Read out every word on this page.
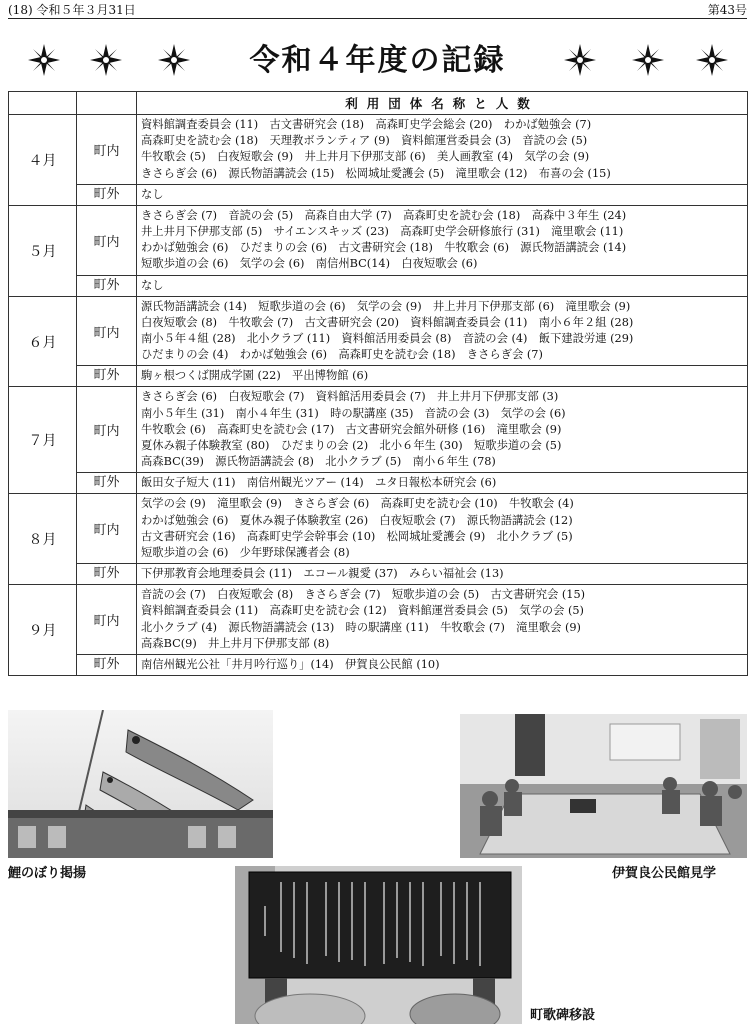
(18) 令和５年３月31日	第43号
令和４年度の記録
		利用団体名称と人数
４月	町内	資料館調査委員会 (11)　古文書研究会 (18)　高森町史学会総会 (20)　わかば勉強会 (7)
高森町史を読む会 (18)　天理教ボランティア (9)　資料館運営委員会 (3)　音読の会 (5)
牛牧歌会 (5)　白夜短歌会 (9)　井上井月下伊那支部 (6)　美人画教室 (4)　気学の会 (9)
きさらぎ会 (6)　源氏物語講読会 (15)　松岡城址愛護会 (5)　滝里歌会 (12)　布喜の会 (15)

	町外	なし
５月	町内	きさらぎ会 (7)　音読の会 (5)　高森自由大学 (7)　高森町史を読む会 (18)　高森中３年生 (24)
井上井月下伊那支部 (5)　サイエンスキッズ (23)　高森町史学会研修旅行 (31)　滝里歌会 (11)
わかば勉強会 (6)　ひだまりの会 (6)　古文書研究会 (18)　牛牧歌会 (6)　源氏物語講読会 (14)
短歌歩道の会 (6)　気学の会 (6)　南信州BC(14)　白夜短歌会 (6)

	町外	なし
６月	町内	源氏物語講読会 (14)　短歌歩道の会 (6)　気学の会 (9)　井上井月下伊那支部 (6)　滝里歌会 (9)
白夜短歌会 (8)　牛牧歌会 (7)　古文書研究会 (20)　資料館調査委員会 (11)　南小６年２組 (28)
南小５年４組 (28)　北小クラブ (11)　資料館活用委員会 (8)　音読の会 (4)　飯下建設労連 (29)
ひだまりの会 (4)　わかば勉強会 (6)　高森町史を読む会 (18)　きさらぎ会 (7)

	町外	駒ヶ根つくば開成学園 (22)　平出博物館 (6)
７月	町内	きさらぎ会 (6)　白夜短歌会 (7)　資料館活用委員会 (7)　井上井月下伊那支部 (3)
南小５年生 (31)　南小４年生 (31)　時の駅講座 (35)　音読の会 (3)　気学の会 (6)
牛牧歌会 (6)　高森町史を読む会 (17)　古文書研究会館外研修 (16)　滝里歌会 (9)
夏休み親子体験教室 (80)　ひだまりの会 (2)　北小６年生 (30)　短歌歩道の会 (5)
高森BC(39)　源氏物語講読会 (8)　北小クラブ (5)　南小６年生 (78)

	町外	飯田女子短大 (11)　南信州観光ツアー (14)　ユタ日報松本研究会 (6)
８月	町内	気学の会 (9)　滝里歌会 (9)　きさらぎ会 (6)　高森町史を読む会 (10)　牛牧歌会 (4)
わかば勉強会 (6)　夏休み親子体験教室 (26)　白夜短歌会 (7)　源氏物語講読会 (12)
古文書研究会 (16)　高森町史学会幹事会 (10)　松岡城址愛護会 (9)　北小クラブ (5)
短歌歩道の会 (6)　少年野球保護者会 (8)

	町外	下伊那教育会地理委員会 (11)　エコール親愛 (37)　みらい福祉会 (13)
９月	町内	音読の会 (7)　白夜短歌会 (8)　きさらぎ会 (7)　短歌歩道の会 (5)　古文書研究会 (15)
資料館調査委員会 (11)　高森町史を読む会 (12)　資料館運営委員会 (5)　気学の会 (5)
北小クラブ (4)　源氏物語講読会 (13)　時の駅講座 (11)　牛牧歌会 (7)　滝里歌会 (9)
高森BC(9)　井上井月下伊那支部 (8)

	町外	南信州観光公社「井月吟行巡り」(14)　伊賀良公民館 (10)
鯉のぼり掲揚	伊賀良公民館見学
町歌碑移設
